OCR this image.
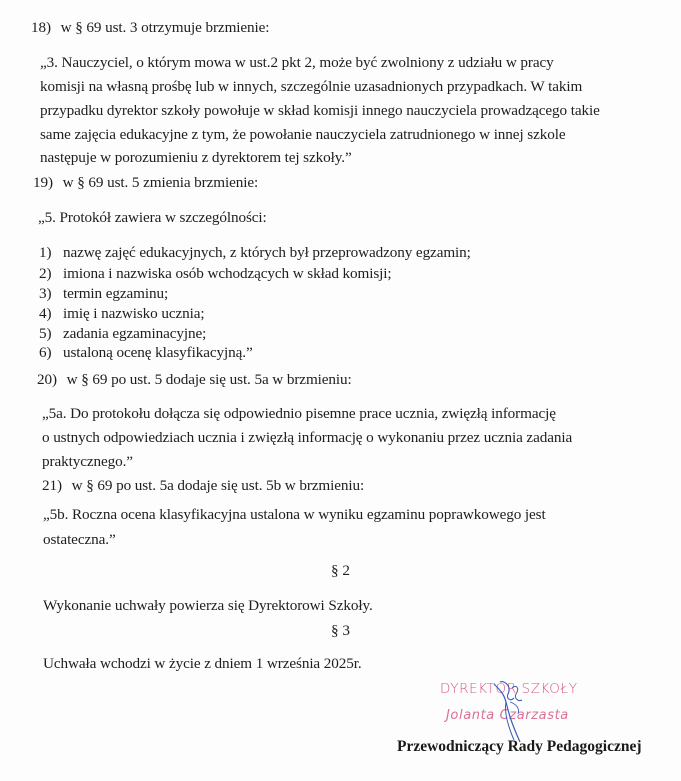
18) w § 69 ust. 3 otrzymuje brzmienie:
„3. Nauczyciel, o którym mowa w ust.2 pkt 2, może być zwolniony z udziału w pracy
komisji na własną prośbę lub w innych, szczególnie uzasadnionych przypadkach. W takim
przypadku dyrektor szkoły powołuje w skład komisji innego nauczyciela prowadzącego takie
same zajęcia edukacyjne z tym, że powołanie nauczyciela zatrudnionego w innej szkole
następuje w porozumieniu z dyrektorem tej szkoły.”
19) w § 69 ust. 5 zmienia brzmienie:
„5. Protokół zawiera w szczególności:
1) nazwę zajęć edukacyjnych, z których był przeprowadzony egzamin;
2) imiona i nazwiska osób wchodzących w skład komisji;
3) termin egzaminu;
4) imię i nazwisko ucznia;
5) zadania egzaminacyjne;
6) ustaloną ocenę klasyfikacyjną.”
20) w § 69 po ust. 5 dodaje się ust. 5a w brzmieniu:
„5a. Do protokołu dołącza się odpowiednio pisemne prace ucznia, zwięzłą informację
o ustnych odpowiedziach ucznia i zwięzłą informację o wykonaniu przez ucznia zadania
praktycznego.”
21) w § 69 po ust. 5a dodaje się ust. 5b w brzmieniu:
„5b. Roczna ocena klasyfikacyjna ustalona w wyniku egzaminu poprawkowego jest
ostateczna.”
§ 2
Wykonanie uchwały powierza się Dyrektorowi Szkoły.
§ 3
Uchwała wchodzi w życie z dniem 1 września 2025r.
DYREKTOR SZKOŁY
Jolanta Czarzasta
Przewodniczący Rady Pedagogicznej
